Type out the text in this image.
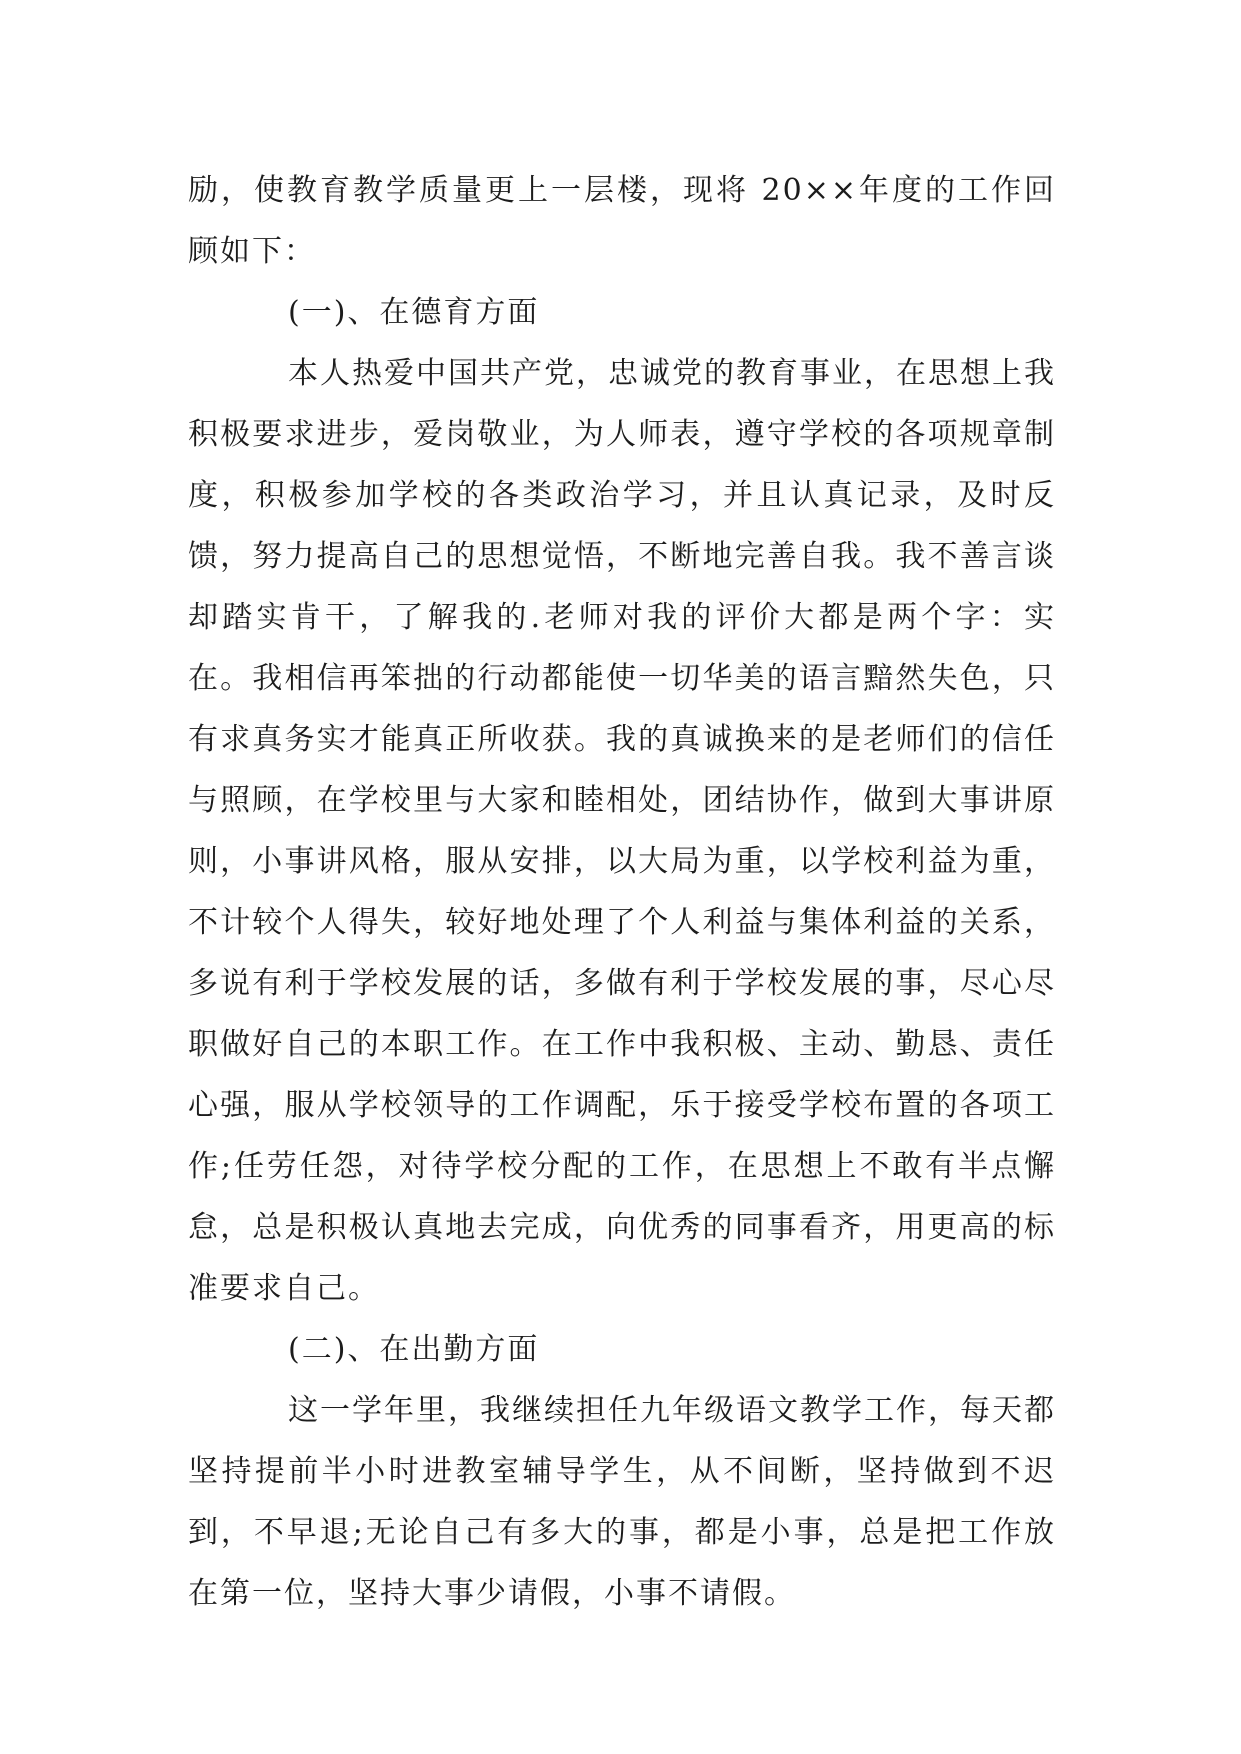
励，使教育教学质量更上一层楼，现将 20××年度的工作回顾如下：

(一)、在德育方面

本人热爱中国共产党，忠诚党的教育事业，在思想上我积极要求进步，爱岗敬业，为人师表，遵守学校的各项规章制度，积极参加学校的各类政治学习，并且认真记录，及时反馈，努力提高自己的思想觉悟，不断地完善自我。我不善言谈却踏实肯干，了解我的.老师对我的评价大都是两个字：实在。我相信再笨拙的行动都能使一切华美的语言黯然失色，只有求真务实才能真正所收获。我的真诚换来的是老师们的信任与照顾，在学校里与大家和睦相处，团结协作，做到大事讲原则，小事讲风格，服从安排，以大局为重，以学校利益为重，不计较个人得失，较好地处理了个人利益与集体利益的关系，多说有利于学校发展的话，多做有利于学校发展的事，尽心尽职做好自己的本职工作。在工作中我积极、主动、勤恳、责任心强，服从学校领导的工作调配，乐于接受学校布置的各项工作;任劳任怨，对待学校分配的工作，在思想上不敢有半点懈怠，总是积极认真地去完成，向优秀的同事看齐，用更高的标准要求自己。

(二)、在出勤方面

这一学年里，我继续担任九年级语文教学工作，每天都坚持提前半小时进教室辅导学生，从不间断，坚持做到不迟到，不早退;无论自己有多大的事，都是小事，总是把工作放在第一位，坚持大事少请假，小事不请假。
